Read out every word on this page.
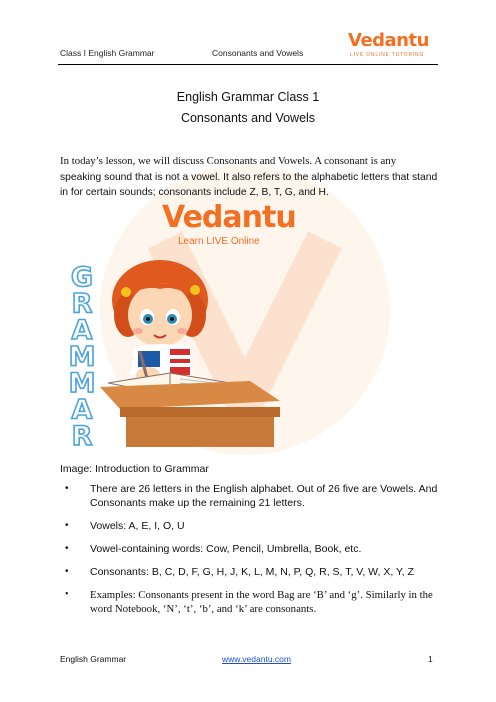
Class I English Grammar	Consonants and Vowels
Vedantu
LIVE ONLINE TUTORING
English Grammar Class 1
Consonants and Vowels
In today’s lesson, we will discuss Consonants and Vowels. A consonant is any speaking sound that is not a vowel. It also refers to the alphabetic letters that stand in for certain sounds; consonants include Z, B, T, G, and H.
Vedantu
Learn LIVE Online
G
R
A
M
M
A
R
Image: Introduction to Grammar
• There are 26 letters in the English alphabet. Out of 26 five are Vowels. And Consonants make up the remaining 21 letters.
• Vowels: A, E, I, O, U
• Vowel-containing words: Cow, Pencil, Umbrella, Book, etc.
• Consonants: B, C, D, F, G, H, J, K, L, M, N, P, Q, R, S, T, V, W, X, Y, Z
• Examples: Consonants present in the word Bag are ‘B’ and ‘g’. Similarly in the word Notebook, ‘N’, ‘t’, ‘b’, and ‘k’ are consonants.
English Grammar	www.vedantu.com	1
